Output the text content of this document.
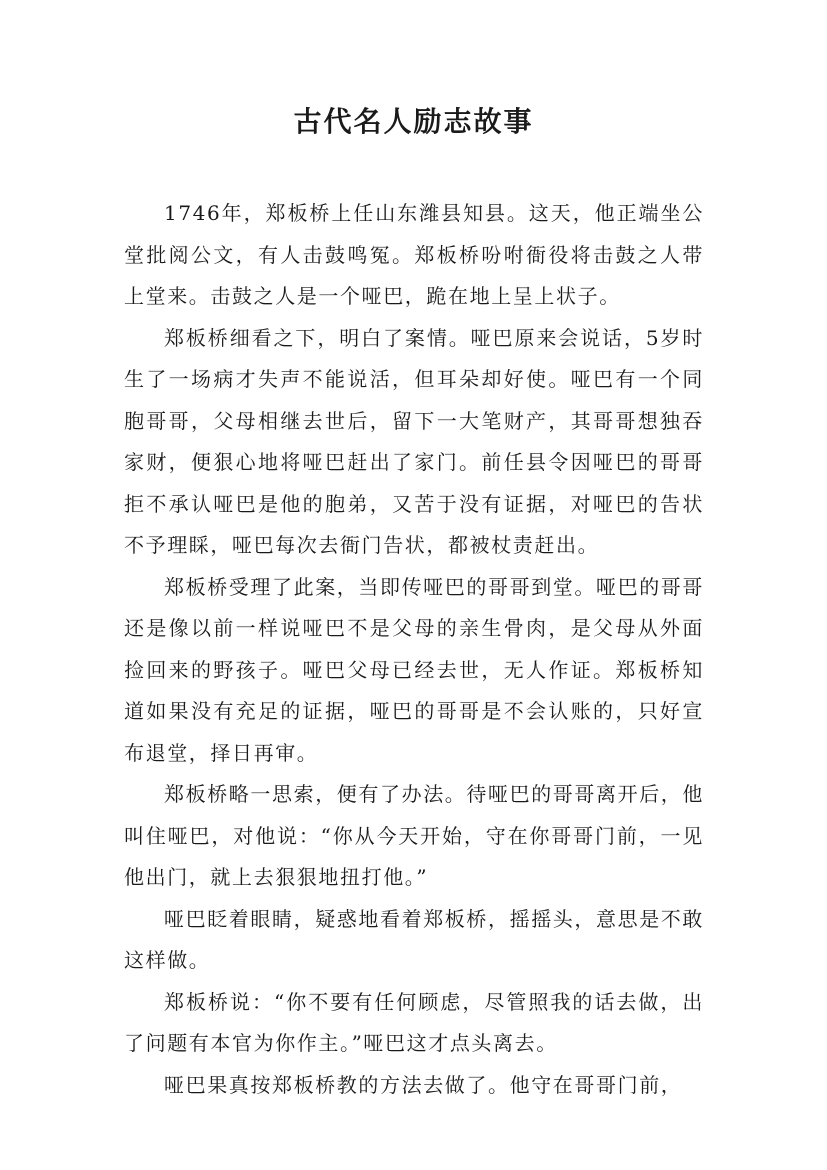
古代名人励志故事

1746年，郑板桥上任山东潍县知县。这天，他正端坐公堂批阅公文，有人击鼓鸣冤。郑板桥吩咐衙役将击鼓之人带上堂来。击鼓之人是一个哑巴，跪在地上呈上状子。

郑板桥细看之下，明白了案情。哑巴原来会说话，5岁时生了一场病才失声不能说活，但耳朵却好使。哑巴有一个同胞哥哥，父母相继去世后，留下一大笔财产，其哥哥想独吞家财，便狠心地将哑巴赶出了家门。前任县令因哑巴的哥哥拒不承认哑巴是他的胞弟，又苦于没有证据，对哑巴的告状不予理睬，哑巴每次去衙门告状，都被杖责赶出。

郑板桥受理了此案，当即传哑巴的哥哥到堂。哑巴的哥哥还是像以前一样说哑巴不是父母的亲生骨肉，是父母从外面捡回来的野孩子。哑巴父母已经去世，无人作证。郑板桥知道如果没有充足的证据，哑巴的哥哥是不会认账的，只好宣布退堂，择日再审。

郑板桥略一思索，便有了办法。待哑巴的哥哥离开后，他叫住哑巴，对他说：“你从今天开始，守在你哥哥门前，一见他出门，就上去狠狠地扭打他。”

哑巴眨着眼睛，疑惑地看着郑板桥，摇摇头，意思是不敢这样做。

郑板桥说：“你不要有任何顾虑，尽管照我的话去做，出了问题有本官为你作主。”哑巴这才点头离去。

哑巴果真按郑板桥教的方法去做了。他守在哥哥门前，
